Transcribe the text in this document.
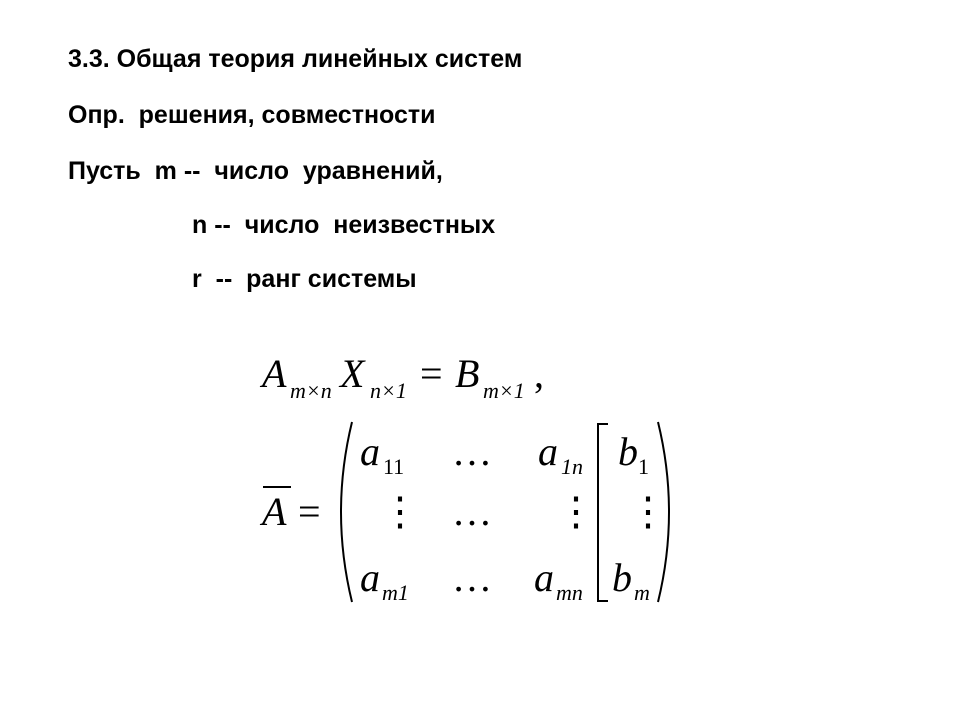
3.3. Общая теория линейных систем
Опр.  решения, совместности
Пусть  m --  число  уравнений,
n --  число  неизвестных
r  --  ранг системы
A m×n X n×1 = B m×1 ,
A =
a 11 … a 1n b 1
⋮ … ⋮ ⋮
a m1 … a mn b m
